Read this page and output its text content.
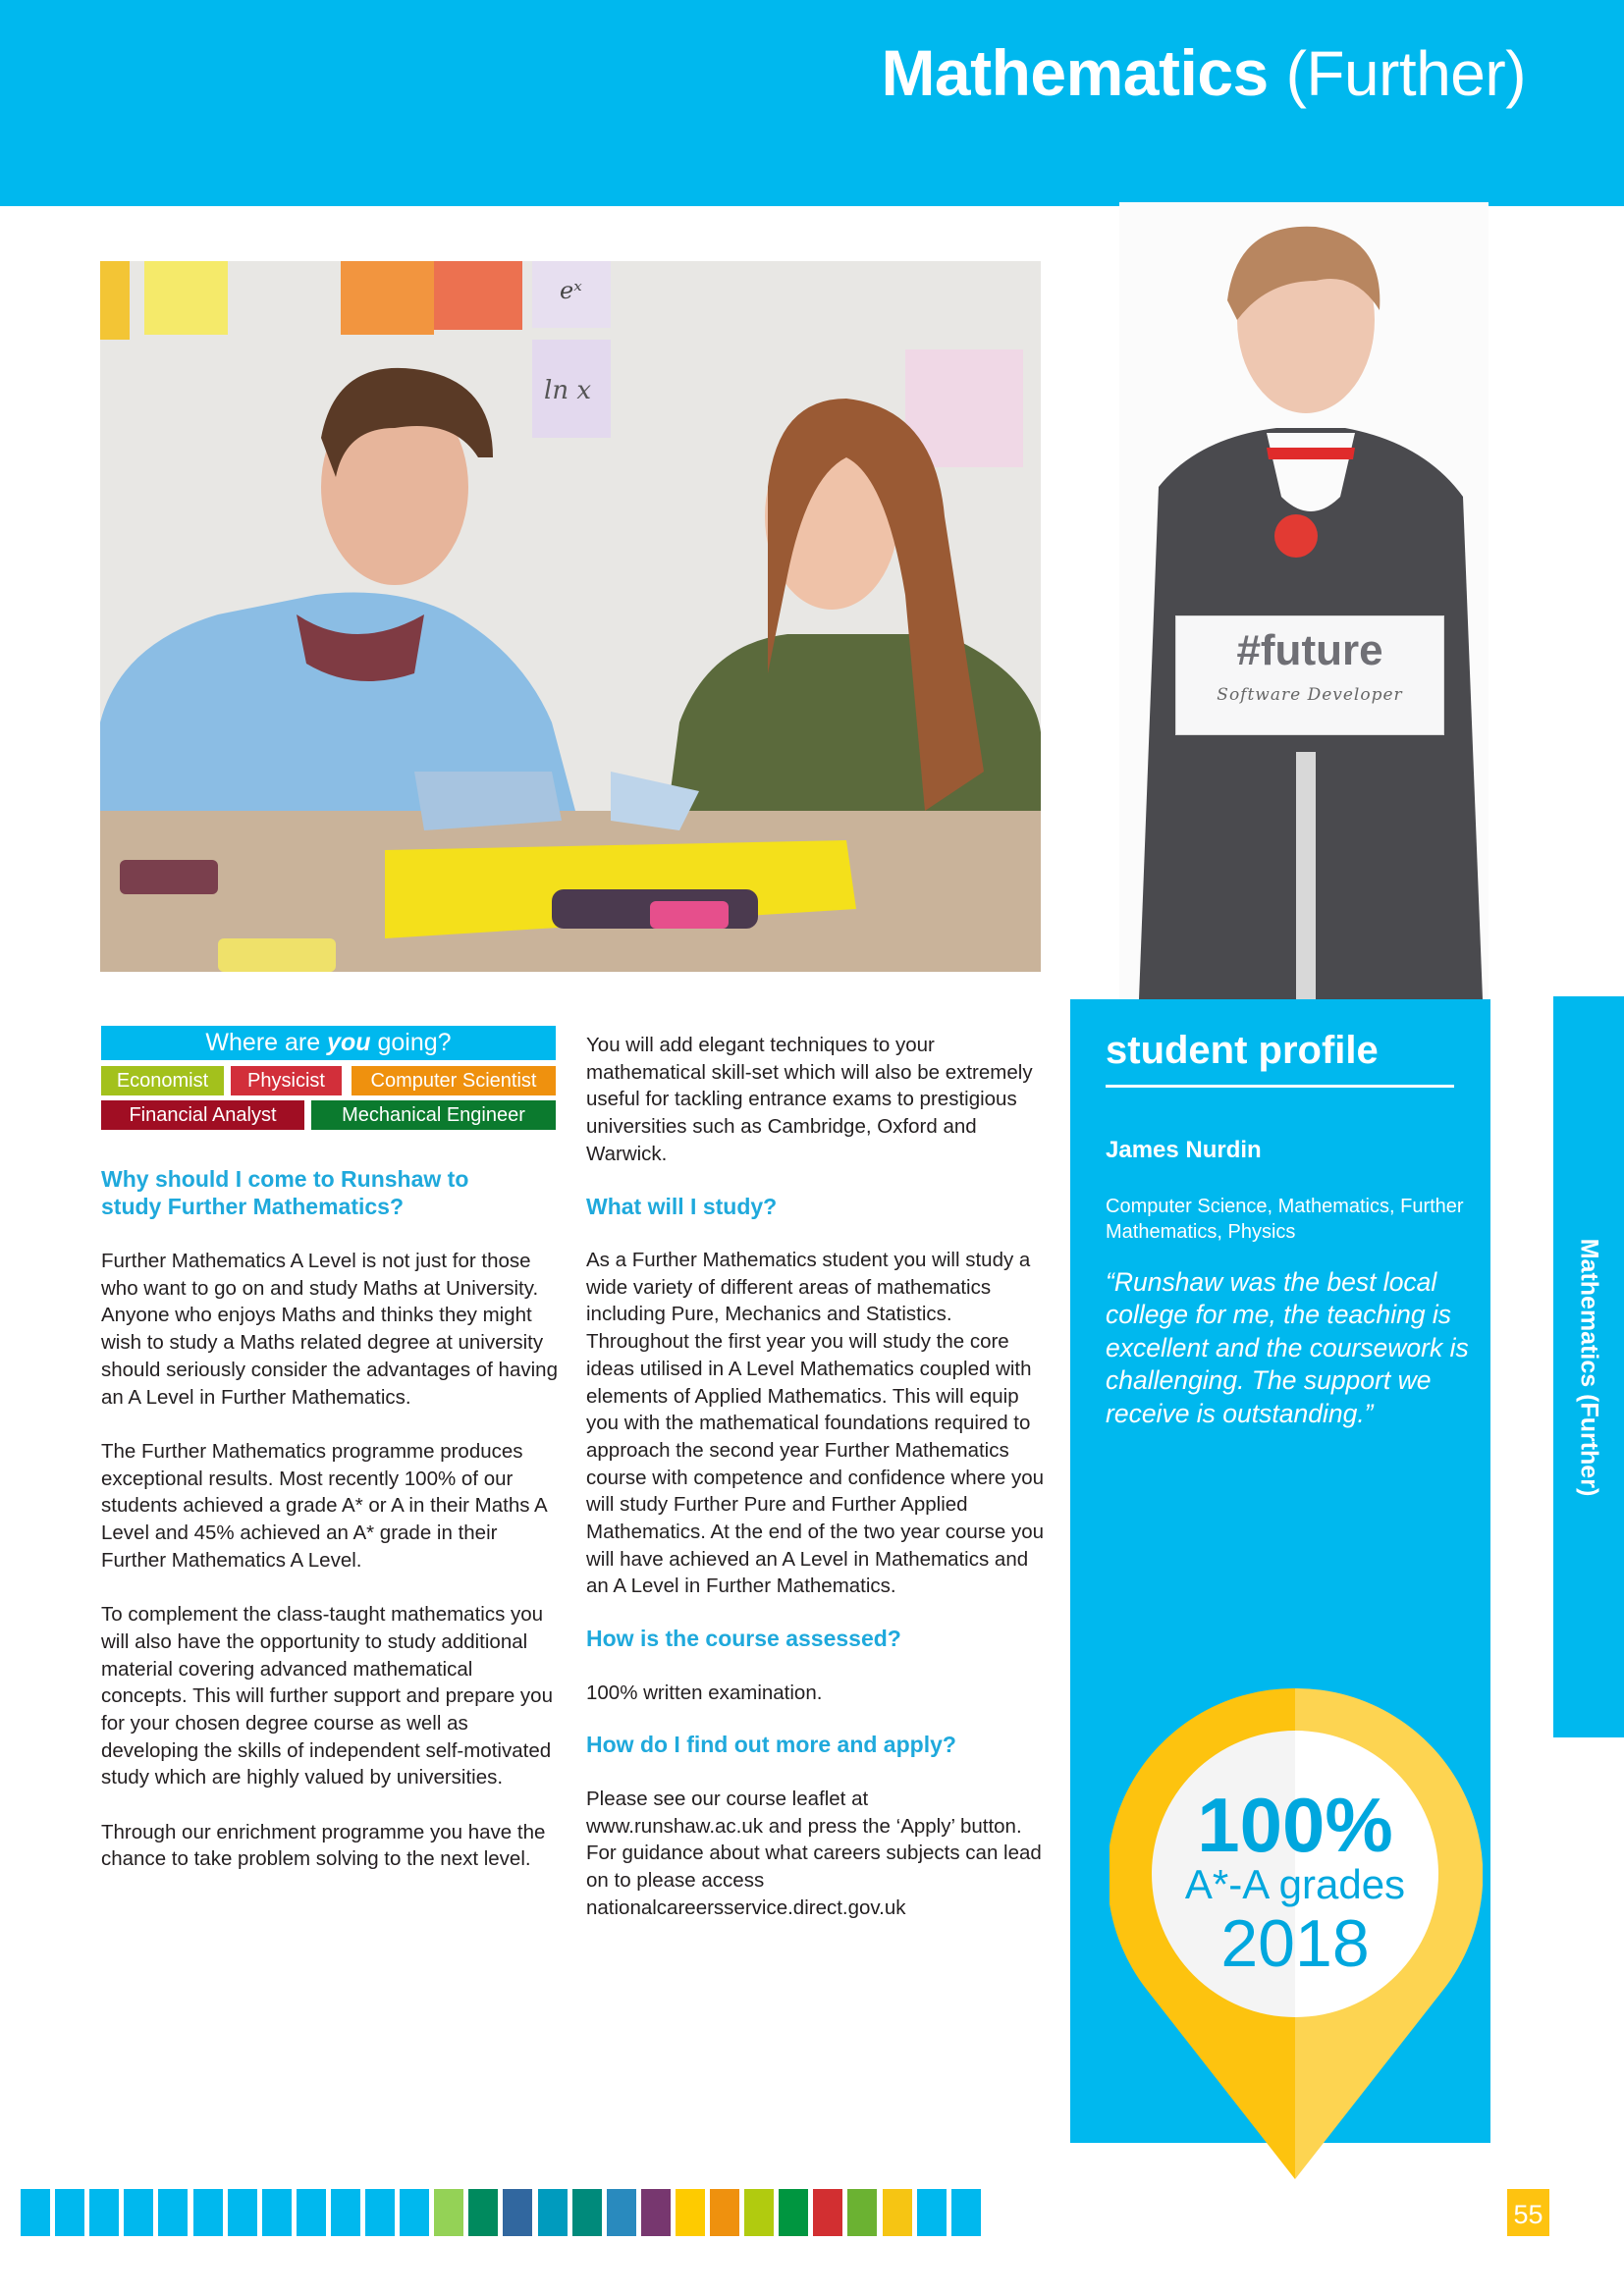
Mathematics (Further)
eˣ
ln x
#future
Software Developer
Where are you going?
Economist	Physicist	Computer Scientist
Financial Analyst	Mechanical Engineer
Why should I come to Runshaw to study Further Mathematics?

Further Mathematics A Level is not just for those who want to go on and study Maths at University. Anyone who enjoys Maths and thinks they might wish to study a Maths related degree at university should seriously consider the advantages of having an A Level in Further Mathematics.

The Further Mathematics programme produces exceptional results. Most recently 100% of our students achieved a grade A* or A in their Maths A Level and 45% achieved an A* grade in their Further Mathematics A Level.

To complement the class-taught mathematics you will also have the opportunity to study additional material covering advanced mathematical concepts. This will further support and prepare you for your chosen degree course as well as developing the skills of independent self-motivated study which are highly valued by universities.

Through our enrichment programme you have the chance to take problem solving to the next level.

You will add elegant techniques to your mathematical skill-set which will also be extremely useful for tackling entrance exams to prestigious universities such as Cambridge, Oxford and Warwick.

What will I study?

As a Further Mathematics student you will study a wide variety of different areas of mathematics including Pure, Mechanics and Statistics. Throughout the first year you will study the core ideas utilised in A Level Mathematics coupled with elements of Applied Mathematics. This will equip you with the mathematical foundations required to approach the second year Further Mathematics course with competence and confidence where you will study Further Pure and Further Applied Mathematics. At the end of the two year course you will have achieved an A Level in Mathematics and an A Level in Further Mathematics.

How is the course assessed?

100% written examination.

How do I find out more and apply?

Please see our course leaflet at www.runshaw.ac.uk and press the ‘Apply’ button. For guidance about what careers subjects can lead on to please access nationalcareersservice.direct.gov.uk

student profile
James Nurdin
Computer Science, Mathematics, Further Mathematics, Physics
“Runshaw was the best local college for me, the teaching is excellent and the coursework is challenging. The support we receive is outstanding.”
100%
A*-A grades
2018
Mathematics (Further)
55
